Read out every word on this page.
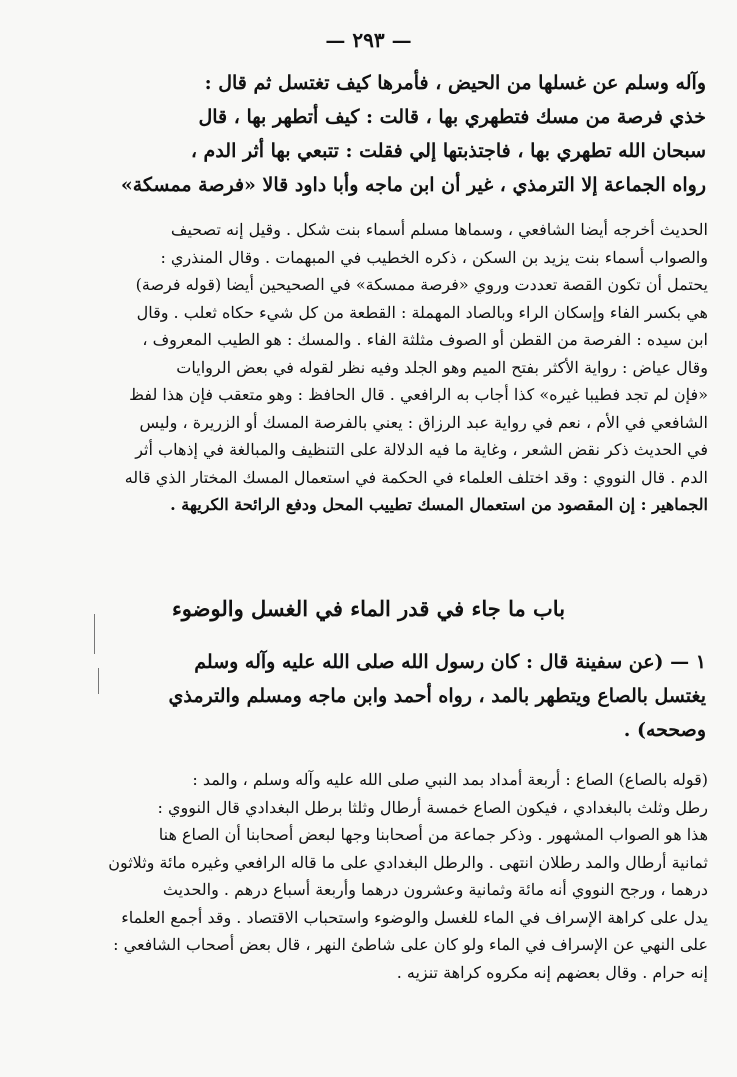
— ٢٩٣ —
وآله وسلم عن غسلها من الحيض ، فأمرها كيف تغتسل ثم قال :
خذي فرصة من مسك فتطهري بها ، قالت : كيف أتطهر بها ، قال
سبحان الله تطهري بها ، فاجتذبتها إلي فقلت : تتبعي بها أثر الدم ،
رواه الجماعة إلا الترمذي ، غير أن ابن ماجه وأبا داود قالا «فرصة ممسكة»
الحديث أخرجه أيضا الشافعي ، وسماها مسلم أسماء بنت شكل . وقيل إنه تصحيف
والصواب أسماء بنت يزيد بن السكن ، ذكره الخطيب في المبهمات . وقال المنذري :
يحتمل أن تكون القصة تعددت وروي «فرصة ممسكة» في الصحيحين أيضا (قوله فرصة)
هي بكسر الفاء وإسكان الراء وبالصاد المهملة : القطعة من كل شيء حكاه ثعلب . وقال
ابن سيده : الفرصة من القطن أو الصوف مثلثة الفاء . والمسك : هو الطيب المعروف ،
وقال عياض : رواية الأكثر بفتح الميم وهو الجلد وفيه نظر لقوله في بعض الروايات
«فإن لم تجد فطيبا غيره» كذا أجاب به الرافعي . قال الحافظ : وهو متعقب فإن هذا لفظ
الشافعي في الأم ، نعم في رواية عبد الرزاق : يعني بالفرصة المسك أو الزريرة ، وليس
في الحديث ذكر نقض الشعر ، وغاية ما فيه الدلالة على التنظيف والمبالغة في إذهاب أثر
الدم . قال النووي : وقد اختلف العلماء في الحكمة في استعمال المسك المختار الذي قاله
الجماهير : إن المقصود من استعمال المسك تطييب المحل ودفع الرائحة الكريهة .
باب ما جاء في قدر الماء في الغسل والوضوء
١ — (عن سفينة قال : كان رسول الله صلى الله عليه وآله وسلم
يغتسل بالصاع ويتطهر بالمد ، رواه أحمد وابن ماجه ومسلم والترمذي
وصححه) .
(قوله بالصاع) الصاع : أربعة أمداد بمد النبي صلى الله عليه وآله وسلم ، والمد :
رطل وثلث بالبغدادي ، فيكون الصاع خمسة أرطال وثلثا برطل البغدادي قال النووي :
هذا هو الصواب المشهور . وذكر جماعة من أصحابنا وجها لبعض أصحابنا أن الصاع هنا
ثمانية أرطال والمد رطلان انتهى . والرطل البغدادي على ما قاله الرافعي وغيره مائة وثلاثون
درهما ، ورجح النووي أنه مائة وثمانية وعشرون درهما وأربعة أسباع درهم . والحديث
يدل على كراهة الإسراف في الماء للغسل والوضوء واستحباب الاقتصاد . وقد أجمع العلماء
على النهي عن الإسراف في الماء ولو كان على شاطئ النهر ، قال بعض أصحاب الشافعي :
إنه حرام . وقال بعضهم إنه مكروه كراهة تنزيه .
